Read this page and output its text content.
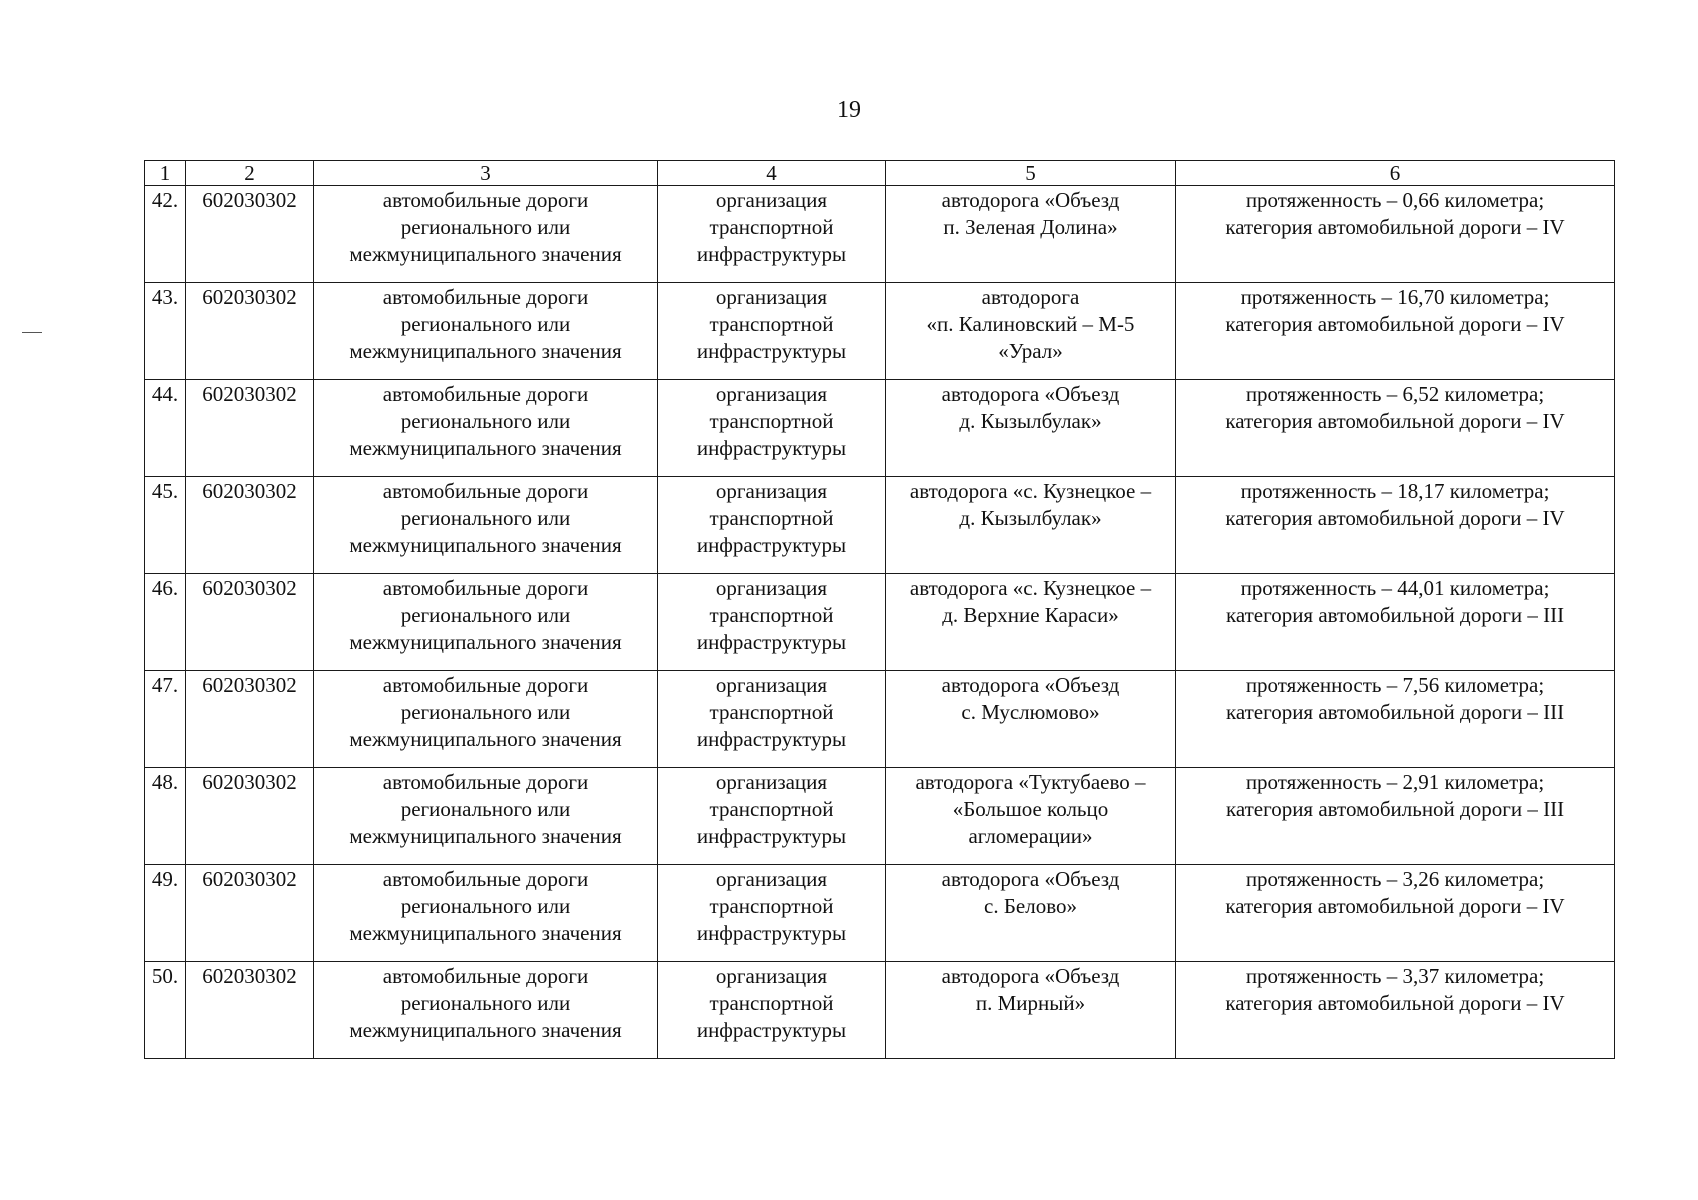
19
1	2	3	4	5	6
42.	602030302	автомобильные дороги
регионального или
межмуниципального значения	организация
транспортной
инфраструктуры	автодорога «Объезд
п. Зеленая Долина»	протяженность – 0,66 километра;
категория автомобильной дороги – IV
43.	602030302	автомобильные дороги
регионального или
межмуниципального значения	организация
транспортной
инфраструктуры	автодорога
«п. Калиновский – М-5
«Урал»	протяженность – 16,70 километра;
категория автомобильной дороги – IV
44.	602030302	автомобильные дороги
регионального или
межмуниципального значения	организация
транспортной
инфраструктуры	автодорога «Объезд
д. Кызылбулак»	протяженность – 6,52 километра;
категория автомобильной дороги – IV
45.	602030302	автомобильные дороги
регионального или
межмуниципального значения	организация
транспортной
инфраструктуры	автодорога «с. Кузнецкое –
д. Кызылбулак»	протяженность – 18,17 километра;
категория автомобильной дороги – IV
46.	602030302	автомобильные дороги
регионального или
межмуниципального значения	организация
транспортной
инфраструктуры	автодорога «с. Кузнецкое –
д. Верхние Караси»	протяженность – 44,01 километра;
категория автомобильной дороги – III
47.	602030302	автомобильные дороги
регионального или
межмуниципального значения	организация
транспортной
инфраструктуры	автодорога «Объезд
с. Муслюмово»	протяженность – 7,56 километра;
категория автомобильной дороги – III
48.	602030302	автомобильные дороги
регионального или
межмуниципального значения	организация
транспортной
инфраструктуры	автодорога «Туктубаево –
«Большое кольцо
агломерации»	протяженность – 2,91 километра;
категория автомобильной дороги – III
49.	602030302	автомобильные дороги
регионального или
межмуниципального значения	организация
транспортной
инфраструктуры	автодорога «Объезд
с. Белово»	протяженность – 3,26 километра;
категория автомобильной дороги – IV
50.	602030302	автомобильные дороги
регионального или
межмуниципального значения	организация
транспортной
инфраструктуры	автодорога «Объезд
п. Мирный»	протяженность – 3,37 километра;
категория автомобильной дороги – IV
